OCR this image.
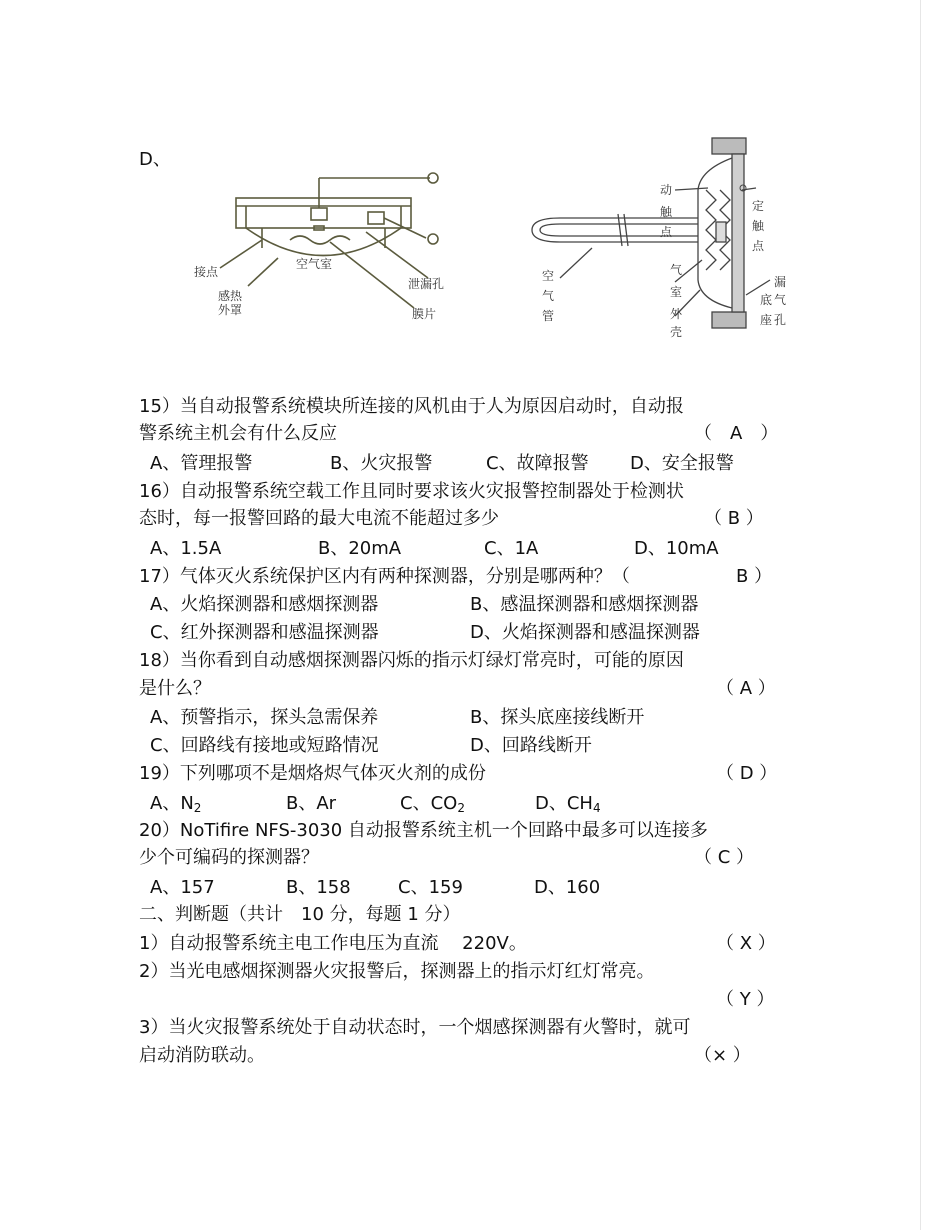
D、
空气室
接点
感热
外罩
泄漏孔
膜片
动
触
点
定
触
点
空
气
管
气
室
外
壳
漏
底
座
气
孔
15）当自动报警系统模块所连接的风机由于人为原因启动时，自动报
警系统主机会有什么反应	（　A　）
A、管理报警	B、火灾报警	C、故障报警 D、安全报警
16）自动报警系统空载工作且同时要求该火灾报警控制器处于检测状
态时，每一报警回路的最大电流不能超过多少	（ B ）
A、1.5A	B、20mA	C、1A	D、10mA
17）气体灭火系统保护区内有两种探测器，分别是哪两种？（	B ）
A、火焰探测器和感烟探测器	B、感温探测器和感烟探测器
C、红外探测器和感温探测器	D、火焰探测器和感温探测器
18）当你看到自动感烟探测器闪烁的指示灯绿灯常亮时，可能的原因
是什么？	（ A ）
A、预警指示，探头急需保养	B、探头底座接线断开
C、回路线有接地或短路情况	D、回路线断开
19）下列哪项不是烟烙烬气体灭火剂的成份	（ D ）
A、$N_2$	B、Ar	C、$CO_2$	D、$CH_4$
20）NoTifire NFS-3030 自动报警系统主机一个回路中最多可以连接多
少个可编码的探测器？	（ C ）
A、157	B、158	C、159	D、160
二、判断题（共计　10 分，每题 1 分）
1）自动报警系统主电工作电压为直流　 220V。	（ X ）
2）当光电感烟探测器火灾报警后，探测器上的指示灯红灯常亮。
（ Y ）
3）当火灾报警系统处于自动状态时，一个烟感探测器有火警时，就可
启动消防联动。	（× ）
